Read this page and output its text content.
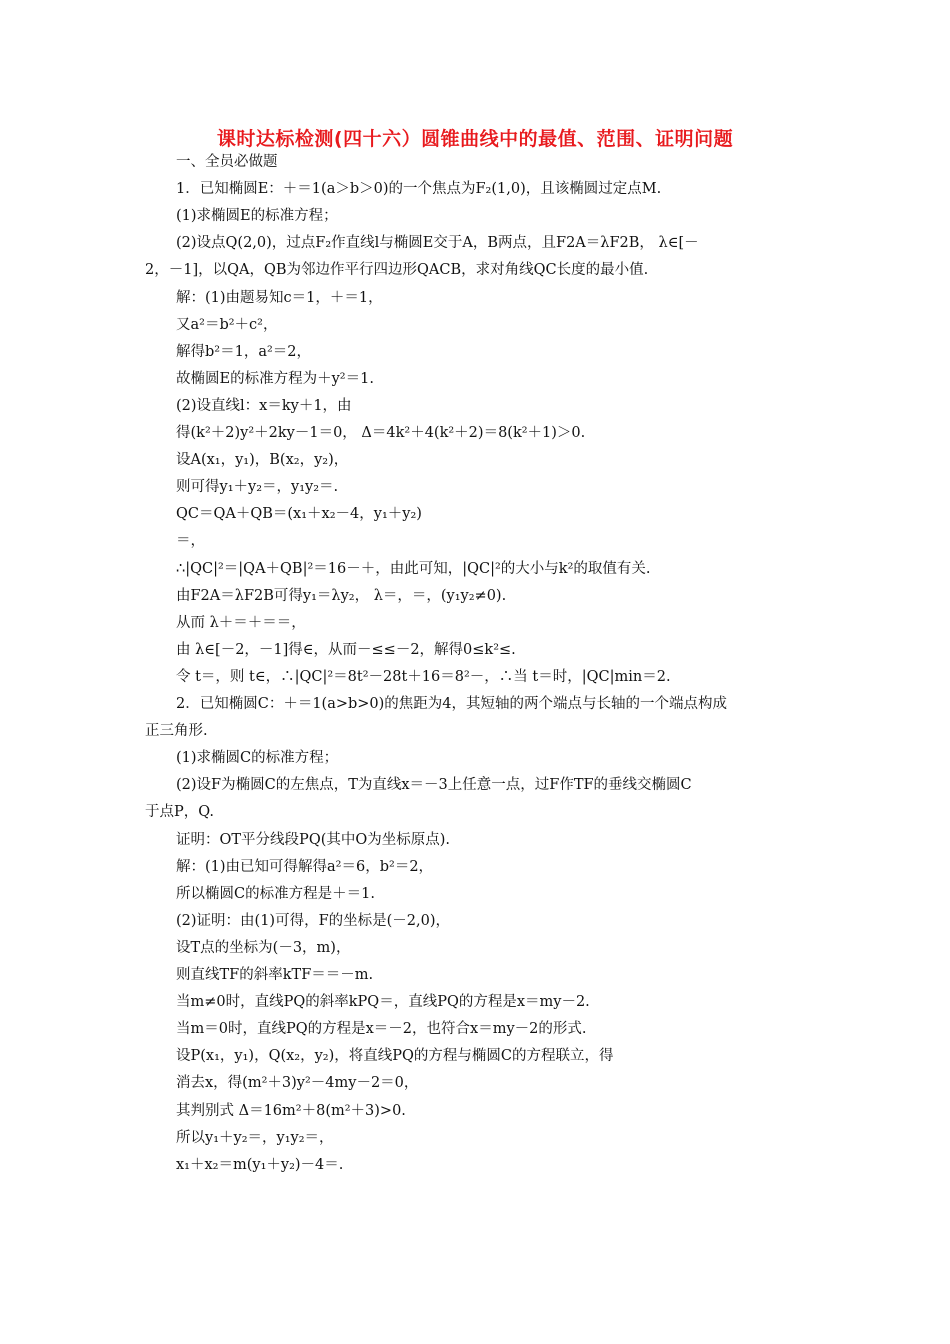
课时达标检测(四十六）圆锥曲线中的最值、范围、证明问题
一、全员必做题
1．已知椭圆E：＋＝1(a＞b＞0)的一个焦点为F₂(1,0)，且该椭圆过定点M.
(1)求椭圆E的标准方程；
(2)设点Q(2,0)，过点F₂作直线l与椭圆E交于A，B两点，且F2A＝λF2B， λ∈[－
2，－1]，以QA，QB为邻边作平行四边形QACB，求对角线QC长度的最小值.
解：(1)由题易知c＝1，＋＝1，
又a²＝b²＋c²，
解得b²＝1，a²＝2，
故椭圆E的标准方程为＋y²＝1.
(2)设直线l：x＝ky＋1，由
得(k²＋2)y²＋2ky－1＝0， Δ＝4k²＋4(k²＋2)＝8(k²＋1)＞0.
设A(x₁，y₁)，B(x₂，y₂)，
则可得y₁＋y₂＝，y₁y₂＝.
QC＝QA＋QB＝(x₁＋x₂－4，y₁＋y₂)
＝，
∴|QC|²＝|QA＋QB|²＝16－＋，由此可知，|QC|²的大小与k²的取值有关.
由F2A＝λF2B可得y₁＝λy₂， λ＝，＝，(y₁y₂≠0).
从而 λ＋＝＋＝＝，
由 λ∈[－2，－1]得∈，从而－≤≤－2，解得0≤k²≤.
令 t＝，则 t∈，∴|QC|²＝8t²－28t＋16＝8²－，∴当 t＝时，|QC|min＝2.
2．已知椭圆C：＋＝1(a>b>0)的焦距为4，其短轴的两个端点与长轴的一个端点构成
正三角形.
(1)求椭圆C的标准方程；
(2)设F为椭圆C的左焦点，T为直线x＝－3上任意一点，过F作TF的垂线交椭圆C
于点P，Q.
证明：OT平分线段PQ(其中O为坐标原点).
解：(1)由已知可得解得a²＝6，b²＝2，
所以椭圆C的标准方程是＋＝1.
(2)证明：由(1)可得，F的坐标是(－2,0)，
设T点的坐标为(－3，m)，
则直线TF的斜率kTF＝＝－m.
当m≠0时，直线PQ的斜率kPQ＝，直线PQ的方程是x＝my－2.
当m＝0时，直线PQ的方程是x＝－2，也符合x＝my－2的形式.
设P(x₁，y₁)，Q(x₂，y₂)，将直线PQ的方程与椭圆C的方程联立，得
消去x，得(m²＋3)y²－4my－2＝0，
其判别式 Δ＝16m²＋8(m²＋3)>0.
所以y₁＋y₂＝，y₁y₂＝，
x₁＋x₂＝m(y₁＋y₂)－4＝.
